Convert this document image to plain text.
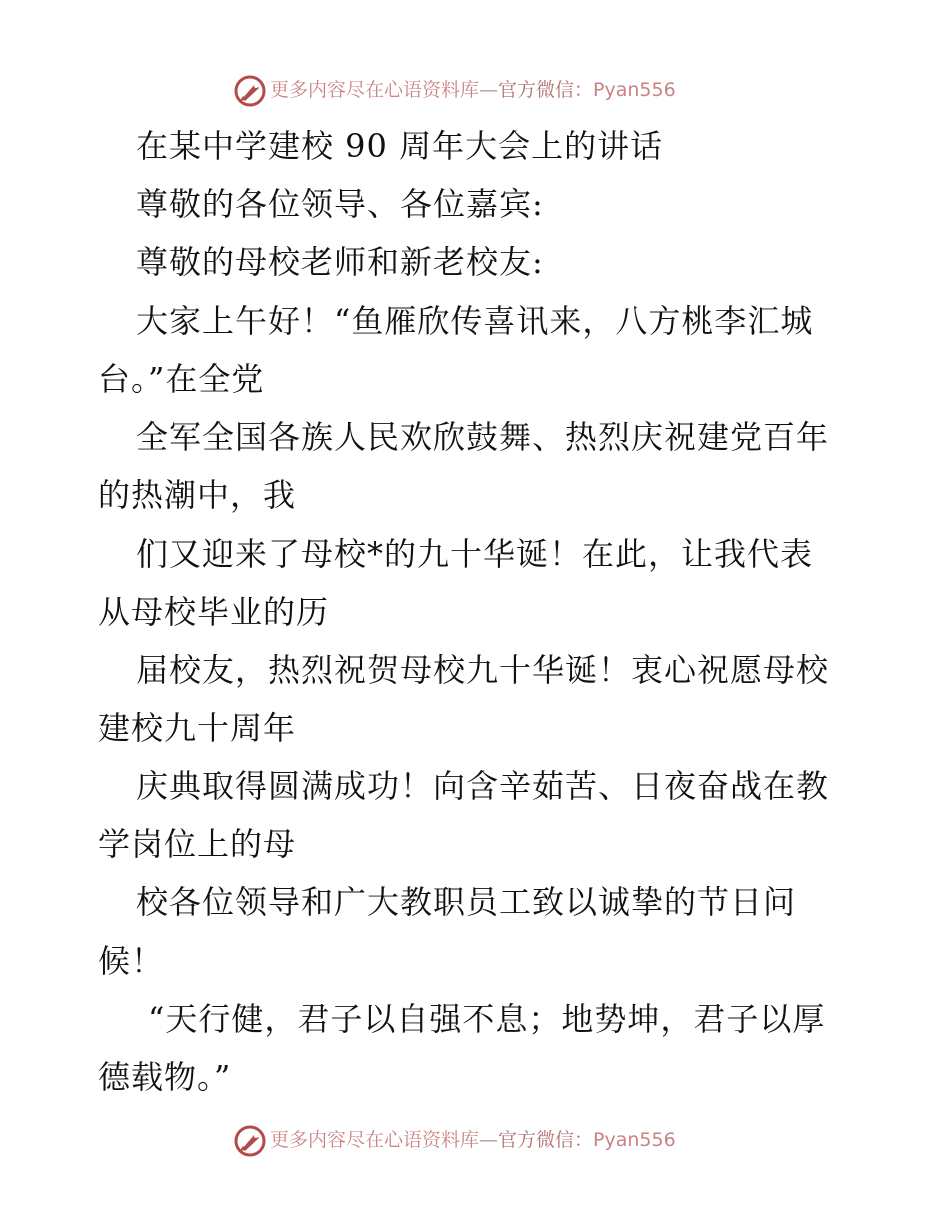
更多内容尽在心语资料库—官方微信：Pyan556
在某中学建校 90 周年大会上的讲话
尊敬的各位领导、各位嘉宾:
尊敬的母校老师和新老校友:
大家上午好！“鱼雁欣传喜讯来，八方桃李汇城
台。”在全党
全军全国各族人民欢欣鼓舞、热烈庆祝建党百年
的热潮中，我
们又迎来了母校*的九十华诞！在此，让我代表
从母校毕业的历
届校友，热烈祝贺母校九十华诞！衷心祝愿母校
建校九十周年
庆典取得圆满成功！向含辛茹苦、日夜奋战在教
学岗位上的母
校各位领导和广大教职员工致以诚挚的节日问
候！
“天行健，君子以自强不息；地势坤，君子以厚
德载物。”
更多内容尽在心语资料库—官方微信：Pyan556
